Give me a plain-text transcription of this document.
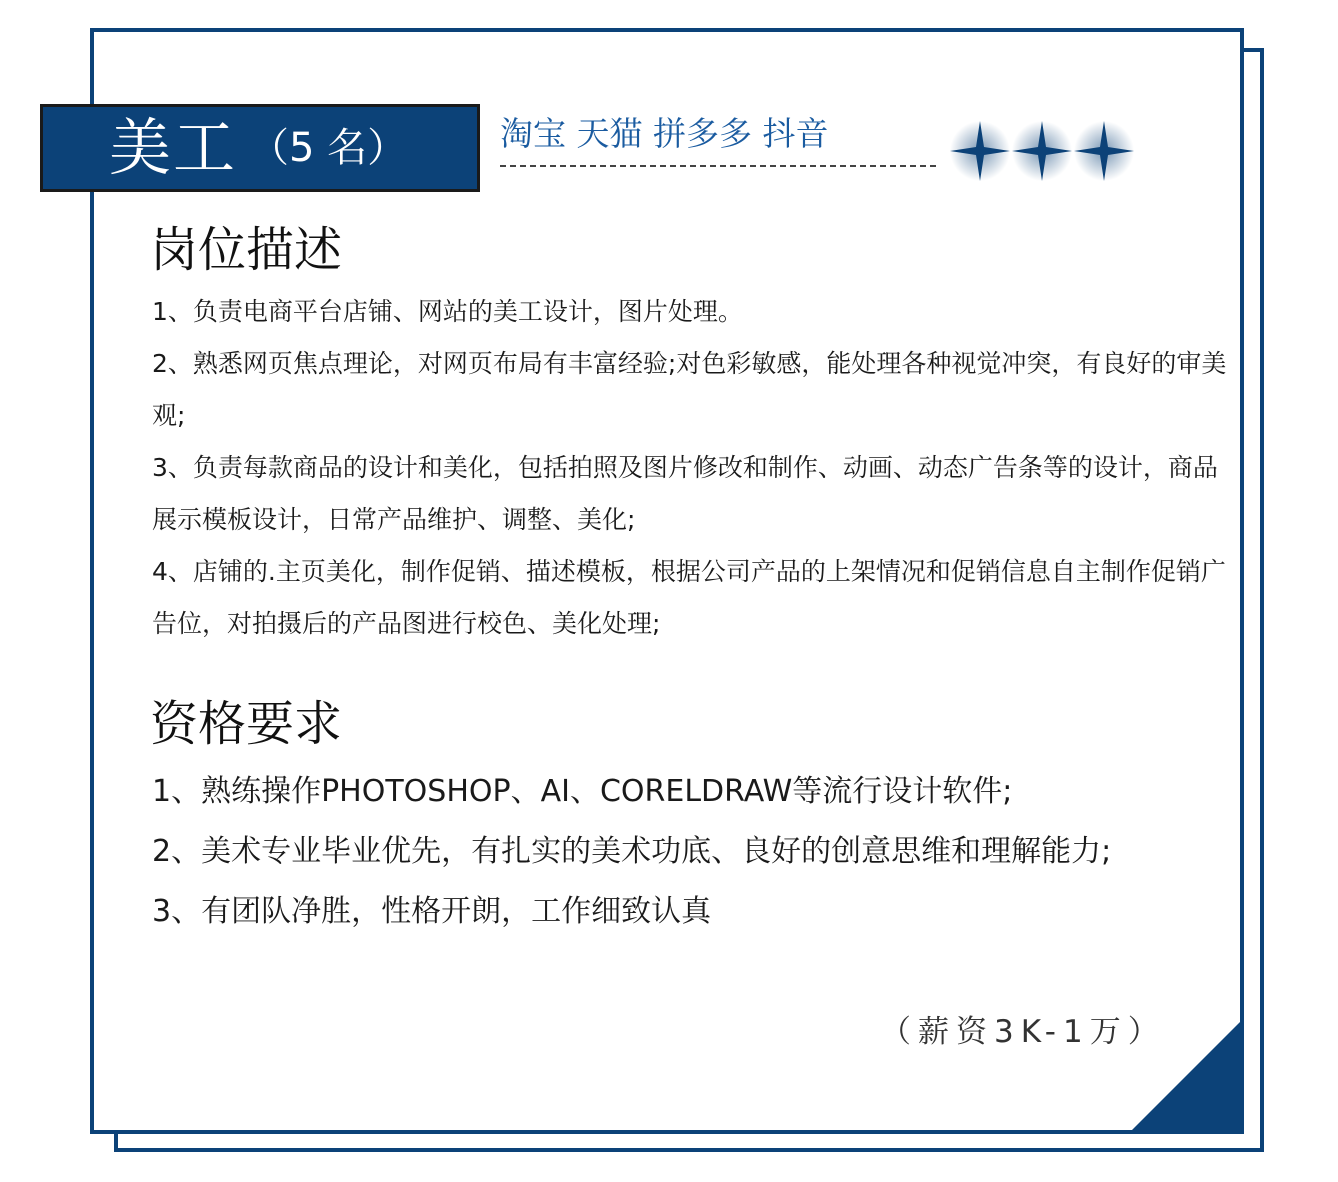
美工 （5 名）	淘宝 天猫 拼多多 抖音
岗位描述
1、负责电商平台店铺、网站的美工设计，图片处理。
2、熟悉网页焦点理论，对网页布局有丰富经验;对色彩敏感，能处理各种视觉冲突，有良好的审美观;
3、负责每款商品的设计和美化，包括拍照及图片修改和制作、动画、动态广告条等的设计，商品展示模板设计，日常产品维护、调整、美化;
4、店铺的.主页美化，制作促销、描述模板，根据公司产品的上架情况和促销信息自主制作促销广告位，对拍摄后的产品图进行校色、美化处理;
资格要求
1、熟练操作PHOTOSHOP、AI、CORELDRAW等流行设计软件;
2、美术专业毕业优先，有扎实的美术功底、良好的创意思维和理解能力;
3、有团队净胜，性格开朗，工作细致认真
（薪资3K-1万）
